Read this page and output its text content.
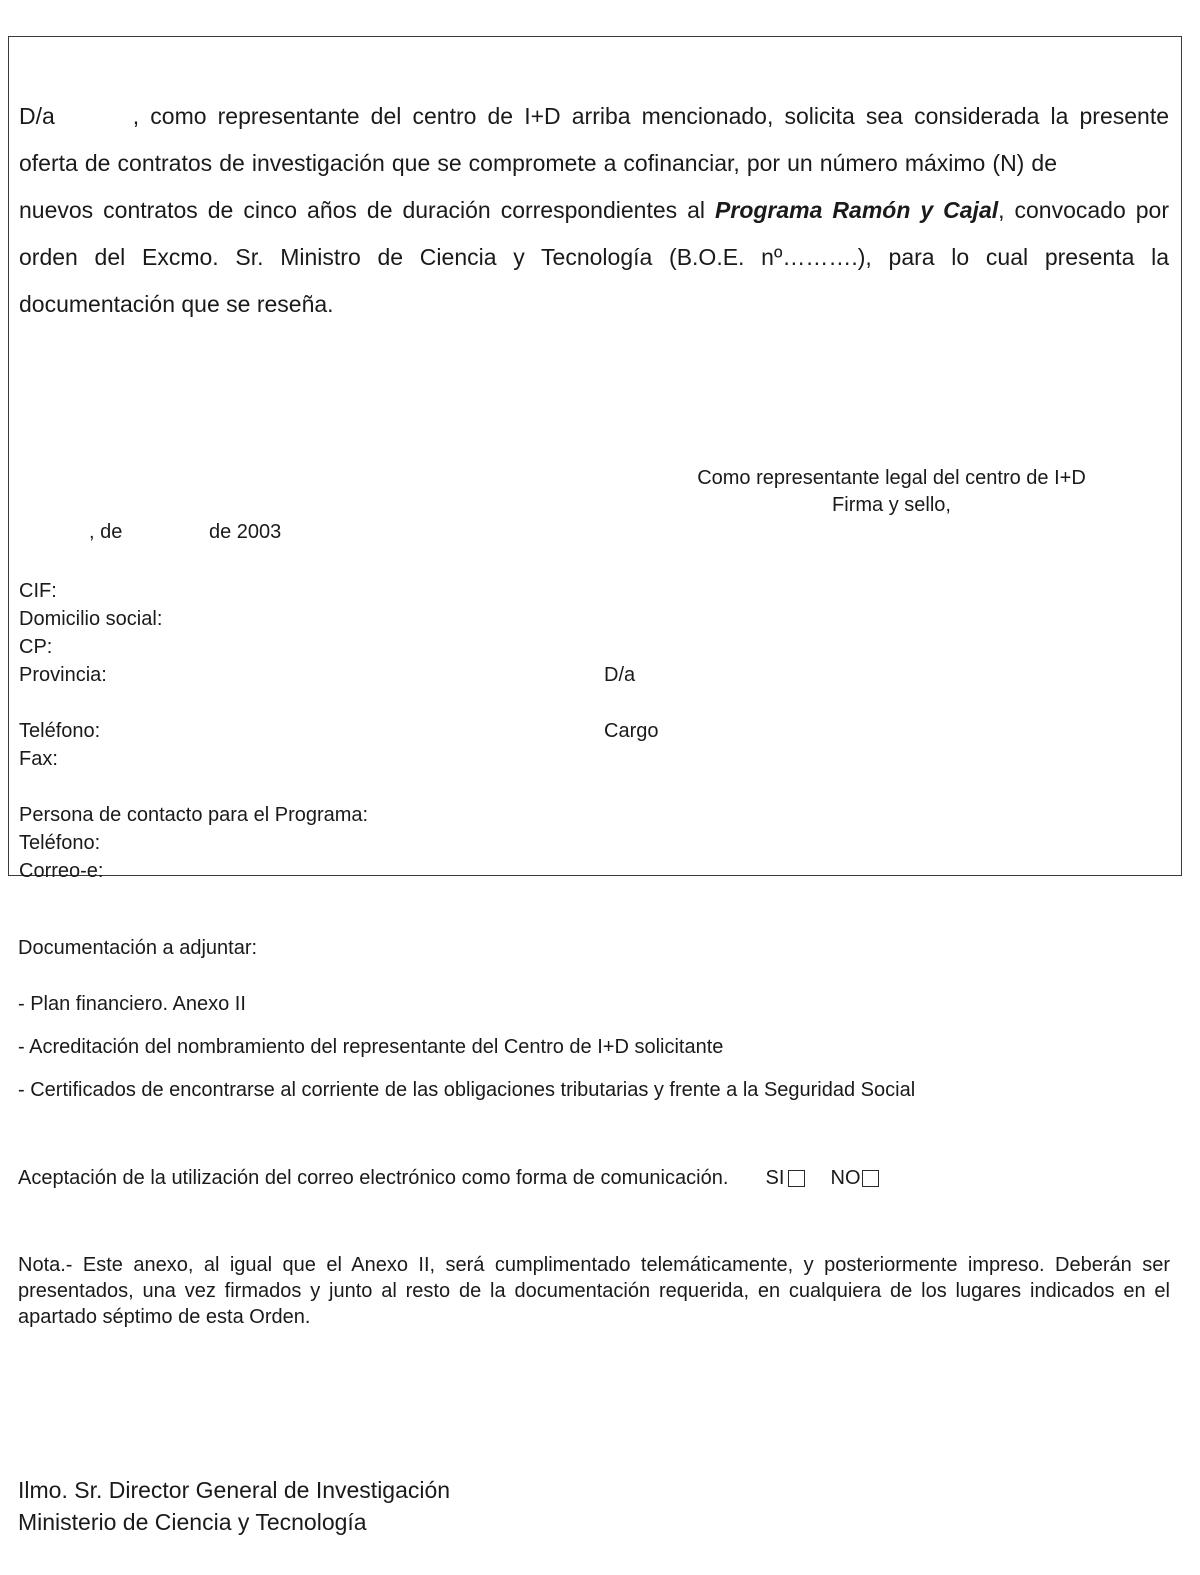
D/a	, como representante del centro de I+D arriba mencionado, solicita sea considerada la presente oferta de contratos de investigación que se compromete a cofinanciar, por un número máximo (N) denuevos contratos de cinco años de duración correspondientes al Programa Ramón y Cajal, convocado por orden del Excmo. Sr. Ministro de Ciencia y Tecnología (B.O.E. nº……….), para lo cual presenta la documentación que se reseña.

Como representante legal del centro de I+D
Firma y sello,
, de	de 2003
CIF:
Domicilio social:
CP:
Provincia:	D/a
Teléfono:	Cargo
Fax:
Persona de contacto para el Programa:
Teléfono:
Correo-e:
Documentación a adjuntar:
- Plan financiero. Anexo II
- Acreditación del nombramiento del representante del Centro de I+D solicitante
- Certificados de encontrarse al corriente de las obligaciones tributarias y frente a la Seguridad Social
Aceptación de la utilización del correo electrónico como forma de comunicación. SI NO

Nota.- Este anexo, al igual que el Anexo II, será cumplimentado telemáticamente, y posteriormente impreso. Deberán ser presentados, una vez firmados y junto al resto de la documentación requerida, en cualquiera de los lugares indicados en el apartado séptimo de esta Orden.

Ilmo. Sr. Director General de Investigación
Ministerio de Ciencia y Tecnología
